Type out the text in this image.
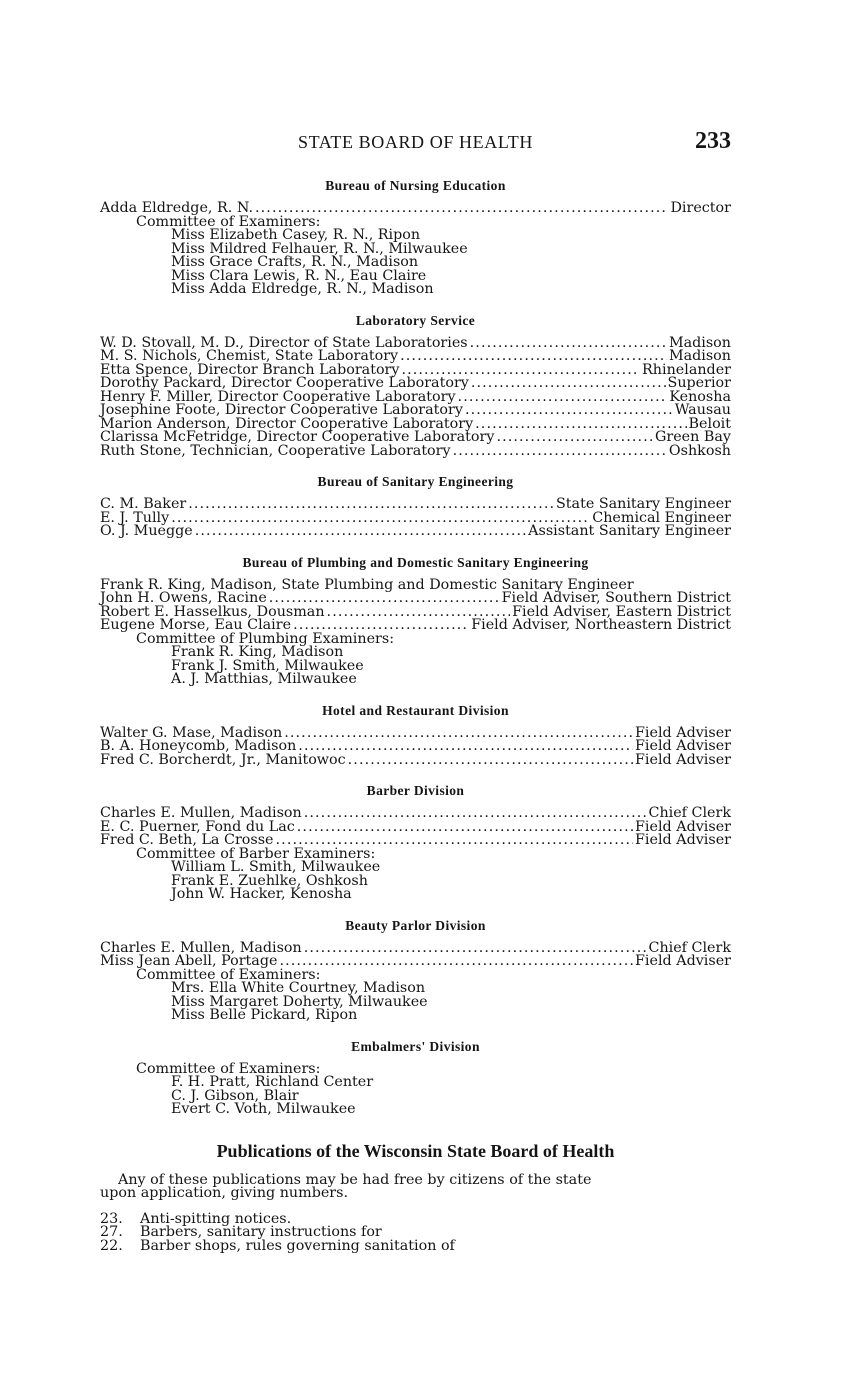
STATE BOARD OF HEALTH	233
Bureau of Nursing Education
Adda Eldredge, R. N. .....	Director
Committee of Examiners:
Miss Elizabeth Casey, R. N., Ripon
Miss Mildred Felhauer, R. N., Milwaukee
Miss Grace Crafts, R. N., Madison
Miss Clara Lewis, R. N., Eau Claire
Miss Adda Eldredge, R. N., Madison
Laboratory Service
W. D. Stovall, M. D., Director of State Laboratories .....	Madison
M. S. Nichols, Chemist, State Laboratory .....	Madison
Etta Spence, Director Branch Laboratory .....	Rhinelander
Dorothy Packard, Director Cooperative Laboratory .....	Superior
Henry F. Miller, Director Cooperative Laboratory .....	Kenosha
Josephine Foote, Director Cooperative Laboratory .....	Wausau
Marion Anderson, Director Cooperative Laboratory .....	Beloit
Clarissa McFetridge, Director Cooperative Laboratory .....	Green Bay
Ruth Stone, Technician, Cooperative Laboratory .....	Oshkosh
Bureau of Sanitary Engineering
C. M. Baker .....	State Sanitary Engineer
E. J. Tully .....	Chemical Engineer
O. J. Muegge .....	Assistant Sanitary Engineer
Bureau of Plumbing and Domestic Sanitary Engineering
Frank R. King, Madison, State Plumbing and Domestic Sanitary Engineer
John H. Owens, Racine .....	Field Adviser, Southern District
Robert E. Hasselkus, Dousman .....	Field Adviser, Eastern District
Eugene Morse, Eau Claire .....	Field Adviser, Northeastern District
Committee of Plumbing Examiners:
Frank R. King, Madison
Frank J. Smith, Milwaukee
A. J. Matthias, Milwaukee
Hotel and Restaurant Division
Walter G. Mase, Madison .....	Field Adviser
B. A. Honeycomb, Madison .....	Field Adviser
Fred C. Borcherdt, Jr., Manitowoc .....	Field Adviser
Barber Division
Charles E. Mullen, Madison .....	Chief Clerk
E. C. Puerner, Fond du Lac .....	Field Adviser
Fred C. Beth, La Crosse .....	Field Adviser
Committee of Barber Examiners:
William L. Smith, Milwaukee
Frank E. Zuehlke, Oshkosh
John W. Hacker, Kenosha
Beauty Parlor Division
Charles E. Mullen, Madison .....	Chief Clerk
Miss Jean Abell, Portage .....	Field Adviser
Committee of Examiners:
Mrs. Ella White Courtney, Madison
Miss Margaret Doherty, Milwaukee
Miss Belle Pickard, Ripon
Embalmers' Division
Committee of Examiners:
F. H. Pratt, Richland Center
C. J. Gibson, Blair
Evert C. Voth, Milwaukee
Publications of the Wisconsin State Board of Health
Any of these publications may be had free by citizens of the state
upon application, giving numbers.
23.	Anti-spitting notices.
27.	Barbers, sanitary instructions for
22.	Barber shops, rules governing sanitation of
